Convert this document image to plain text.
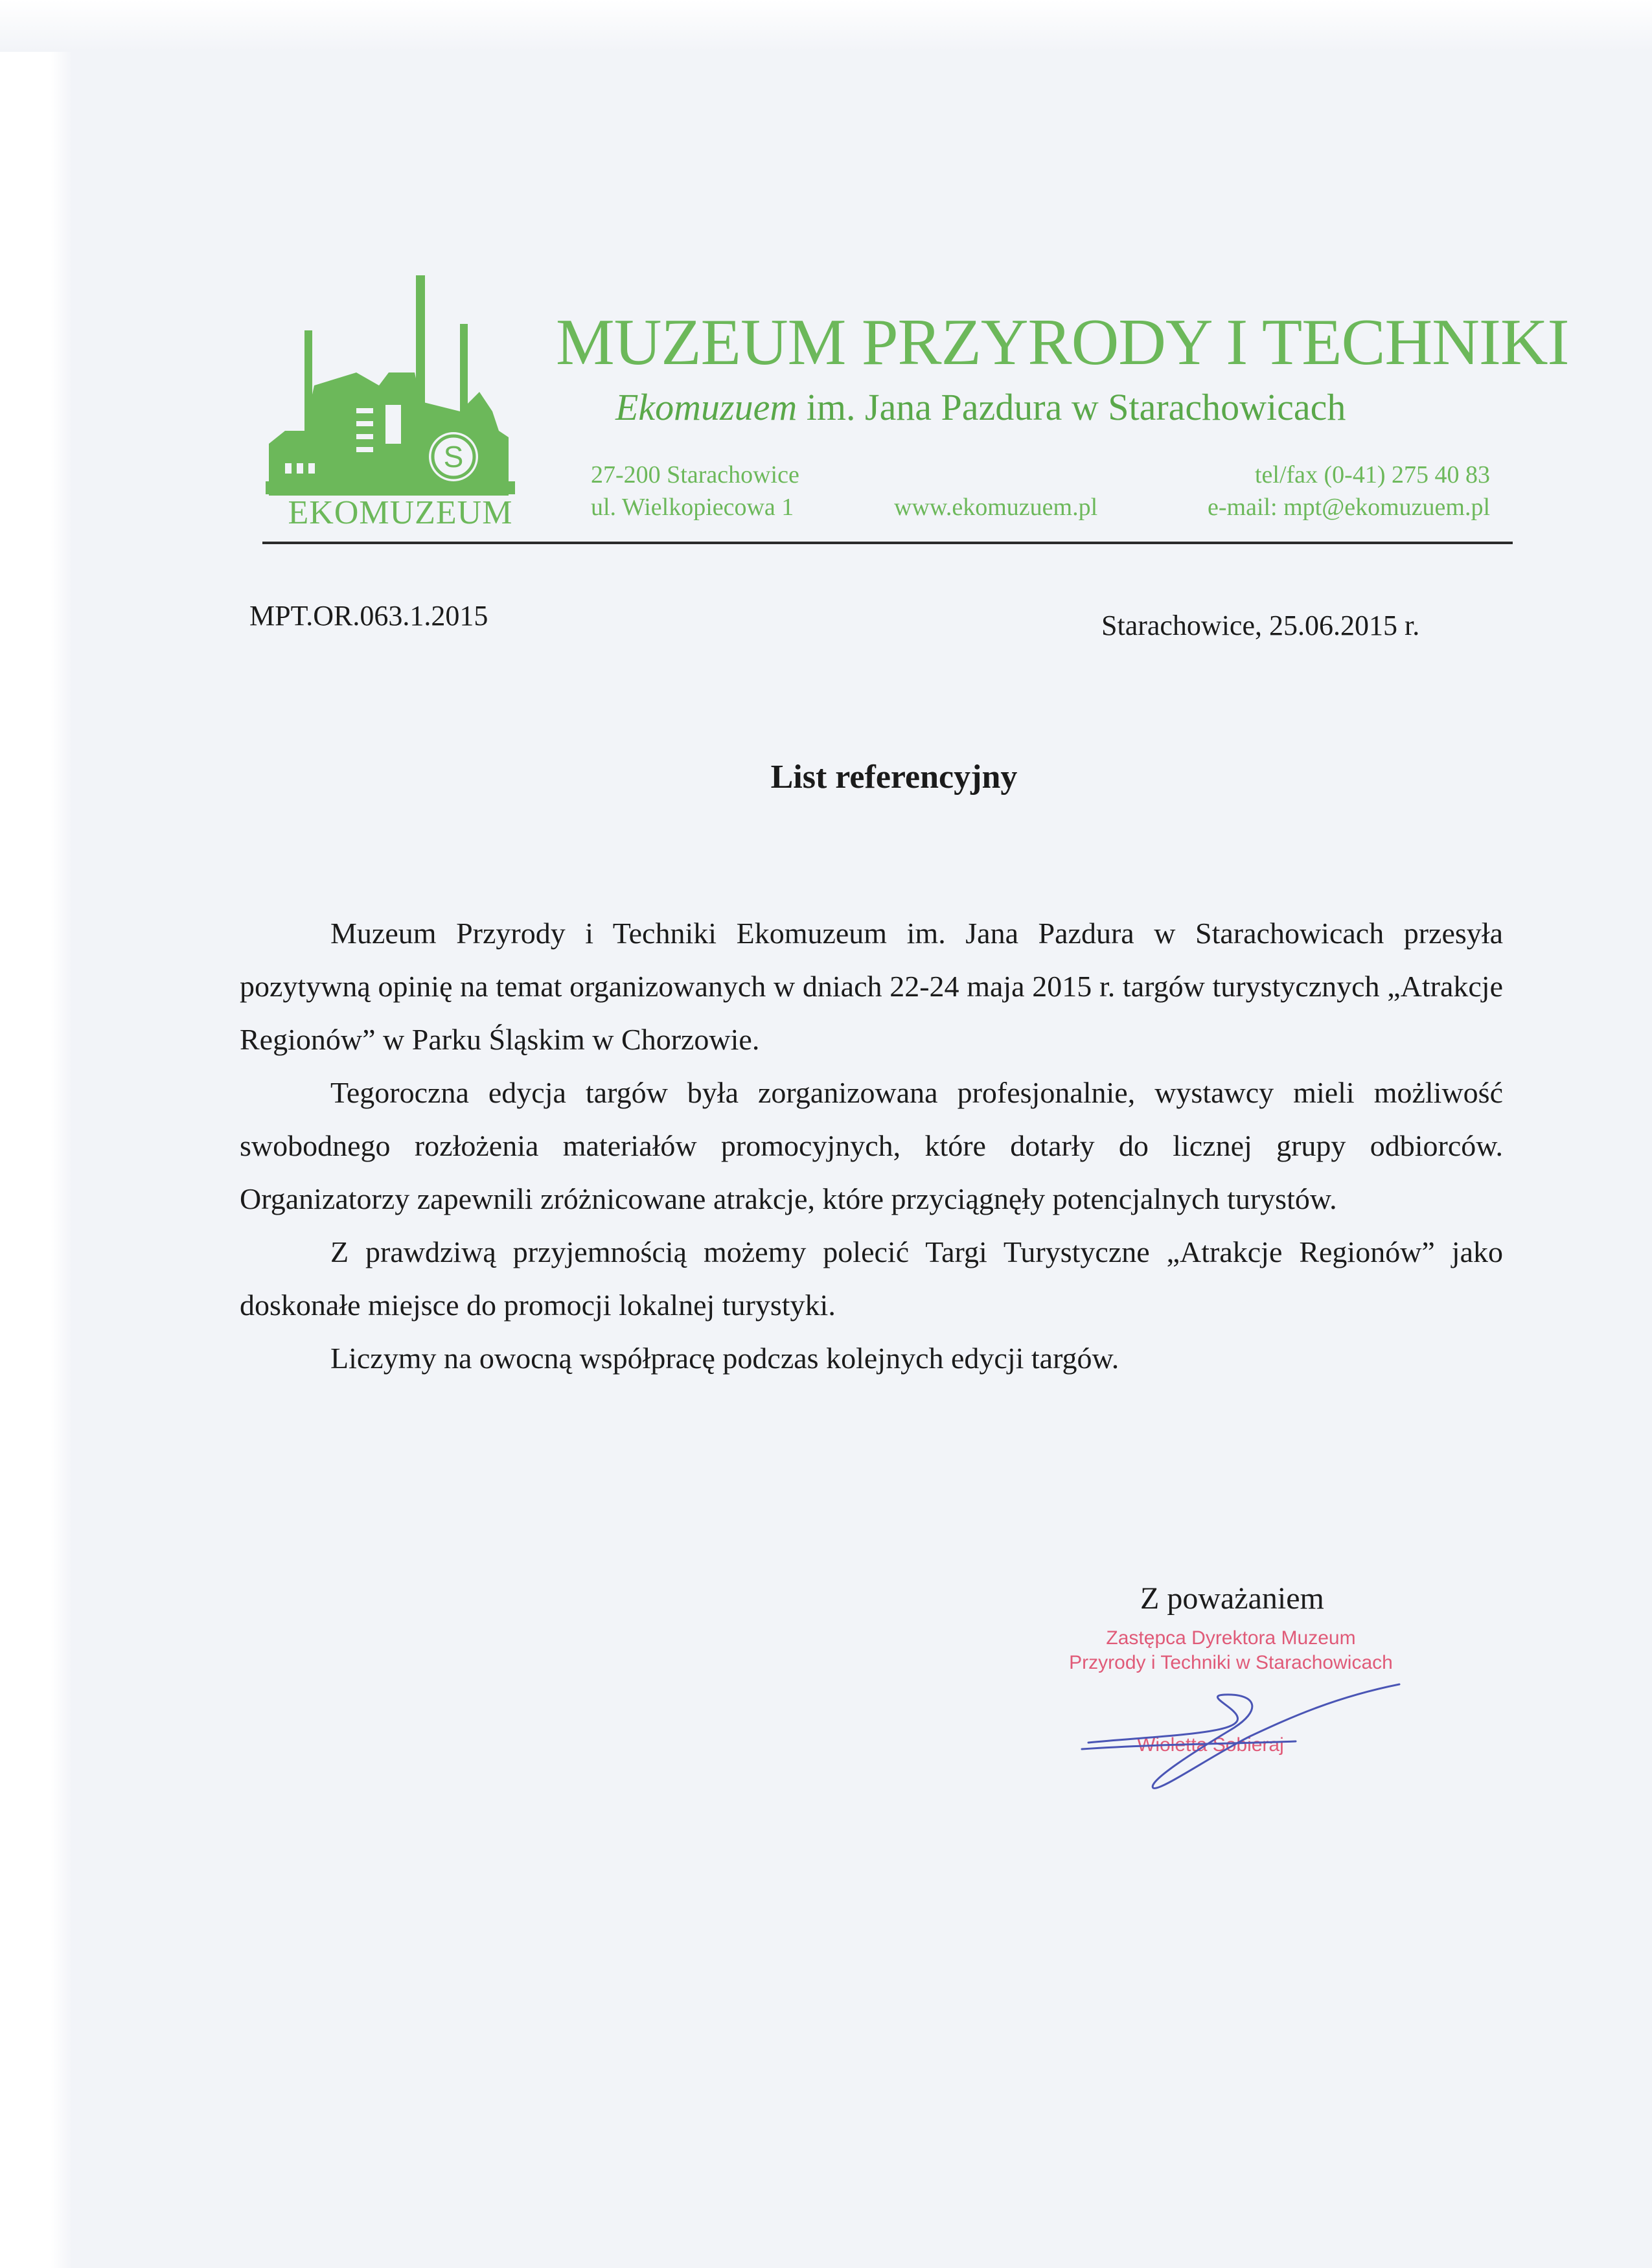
S
EKOMUZEUM
MUZEUM PRZYRODY I TECHNIKI
Ekomuzuem im. Jana Pazdura w Starachowicach
27-200 Starachowice
ul. Wielkopiecowa 1	www.ekomuzuem.pl
tel/fax (0-41) 275 40 83
e-mail: mpt@ekomuzuem.pl
MPT.OR.063.1.2015	Starachowice, 25.06.2015 r.
List referencyjny

Muzeum Przyrody i Techniki Ekomuzeum im. Jana Pazdura w Starachowicach przesyła pozytywną opinię na temat organizowanych w dniach 22-24 maja 2015 r. targów turystycznych „Atrakcje Regionów” w Parku Śląskim w Chorzowie.

Tegoroczna edycja targów była zorganizowana profesjonalnie, wystawcy mieli możliwość swobodnego rozłożenia materiałów promocyjnych, które dotarły do licznej grupy odbiorców. Organizatorzy zapewnili zróżnicowane atrakcje, które przyciągnęły potencjalnych turystów.

Z prawdziwą przyjemnością możemy polecić Targi Turystyczne „Atrakcje Regionów” jako doskonałe miejsce do promocji lokalnej turystyki.

Liczymy na owocną współpracę podczas kolejnych edycji targów.

Z poważaniem
Zastępca Dyrektora Muzeum
Przyrody i Techniki w Starachowicach
Wioletta Sobieraj
